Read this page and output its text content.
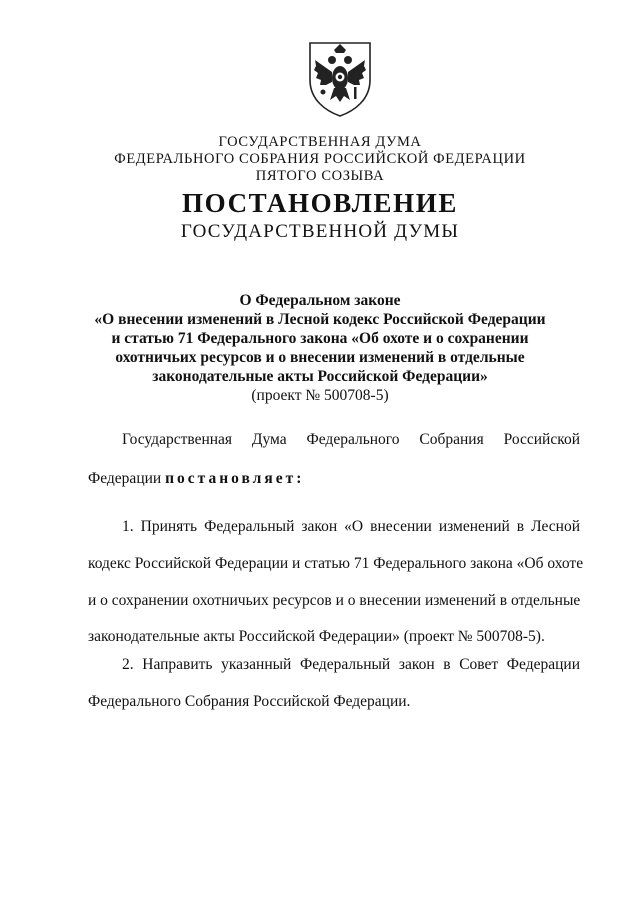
ГОСУДАРСТВЕННАЯ ДУМА
ФЕДЕРАЛЬНОГО СОБРАНИЯ РОССИЙСКОЙ ФЕДЕРАЦИИ
ПЯТОГО СОЗЫВА
ПОСТАНОВЛЕНИЕ
ГОСУДАРСТВЕННОЙ ДУМЫ
О Федеральном законе
«О внесении изменений в Лесной кодекс Российской Федерации
и статью 71 Федерального закона «Об охоте и о сохранении
охотничьих ресурсов и о внесении изменений в отдельные
законодательные акты Российской Федерации»
(проект № 500708-5)
Государственная Дума Федерального Собрания Российской
Федерации постановляет:
1. Принять Федеральный закон «О внесении изменений в Лесной
кодекс Российской Федерации и статью 71 Федерального закона «Об охоте
и о сохранении охотничьих ресурсов и о внесении изменений в отдельные
законодательные акты Российской Федерации» (проект № 500708-5).
2. Направить указанный Федеральный закон в Совет Федерации
Федерального Собрания Российской Федерации.
